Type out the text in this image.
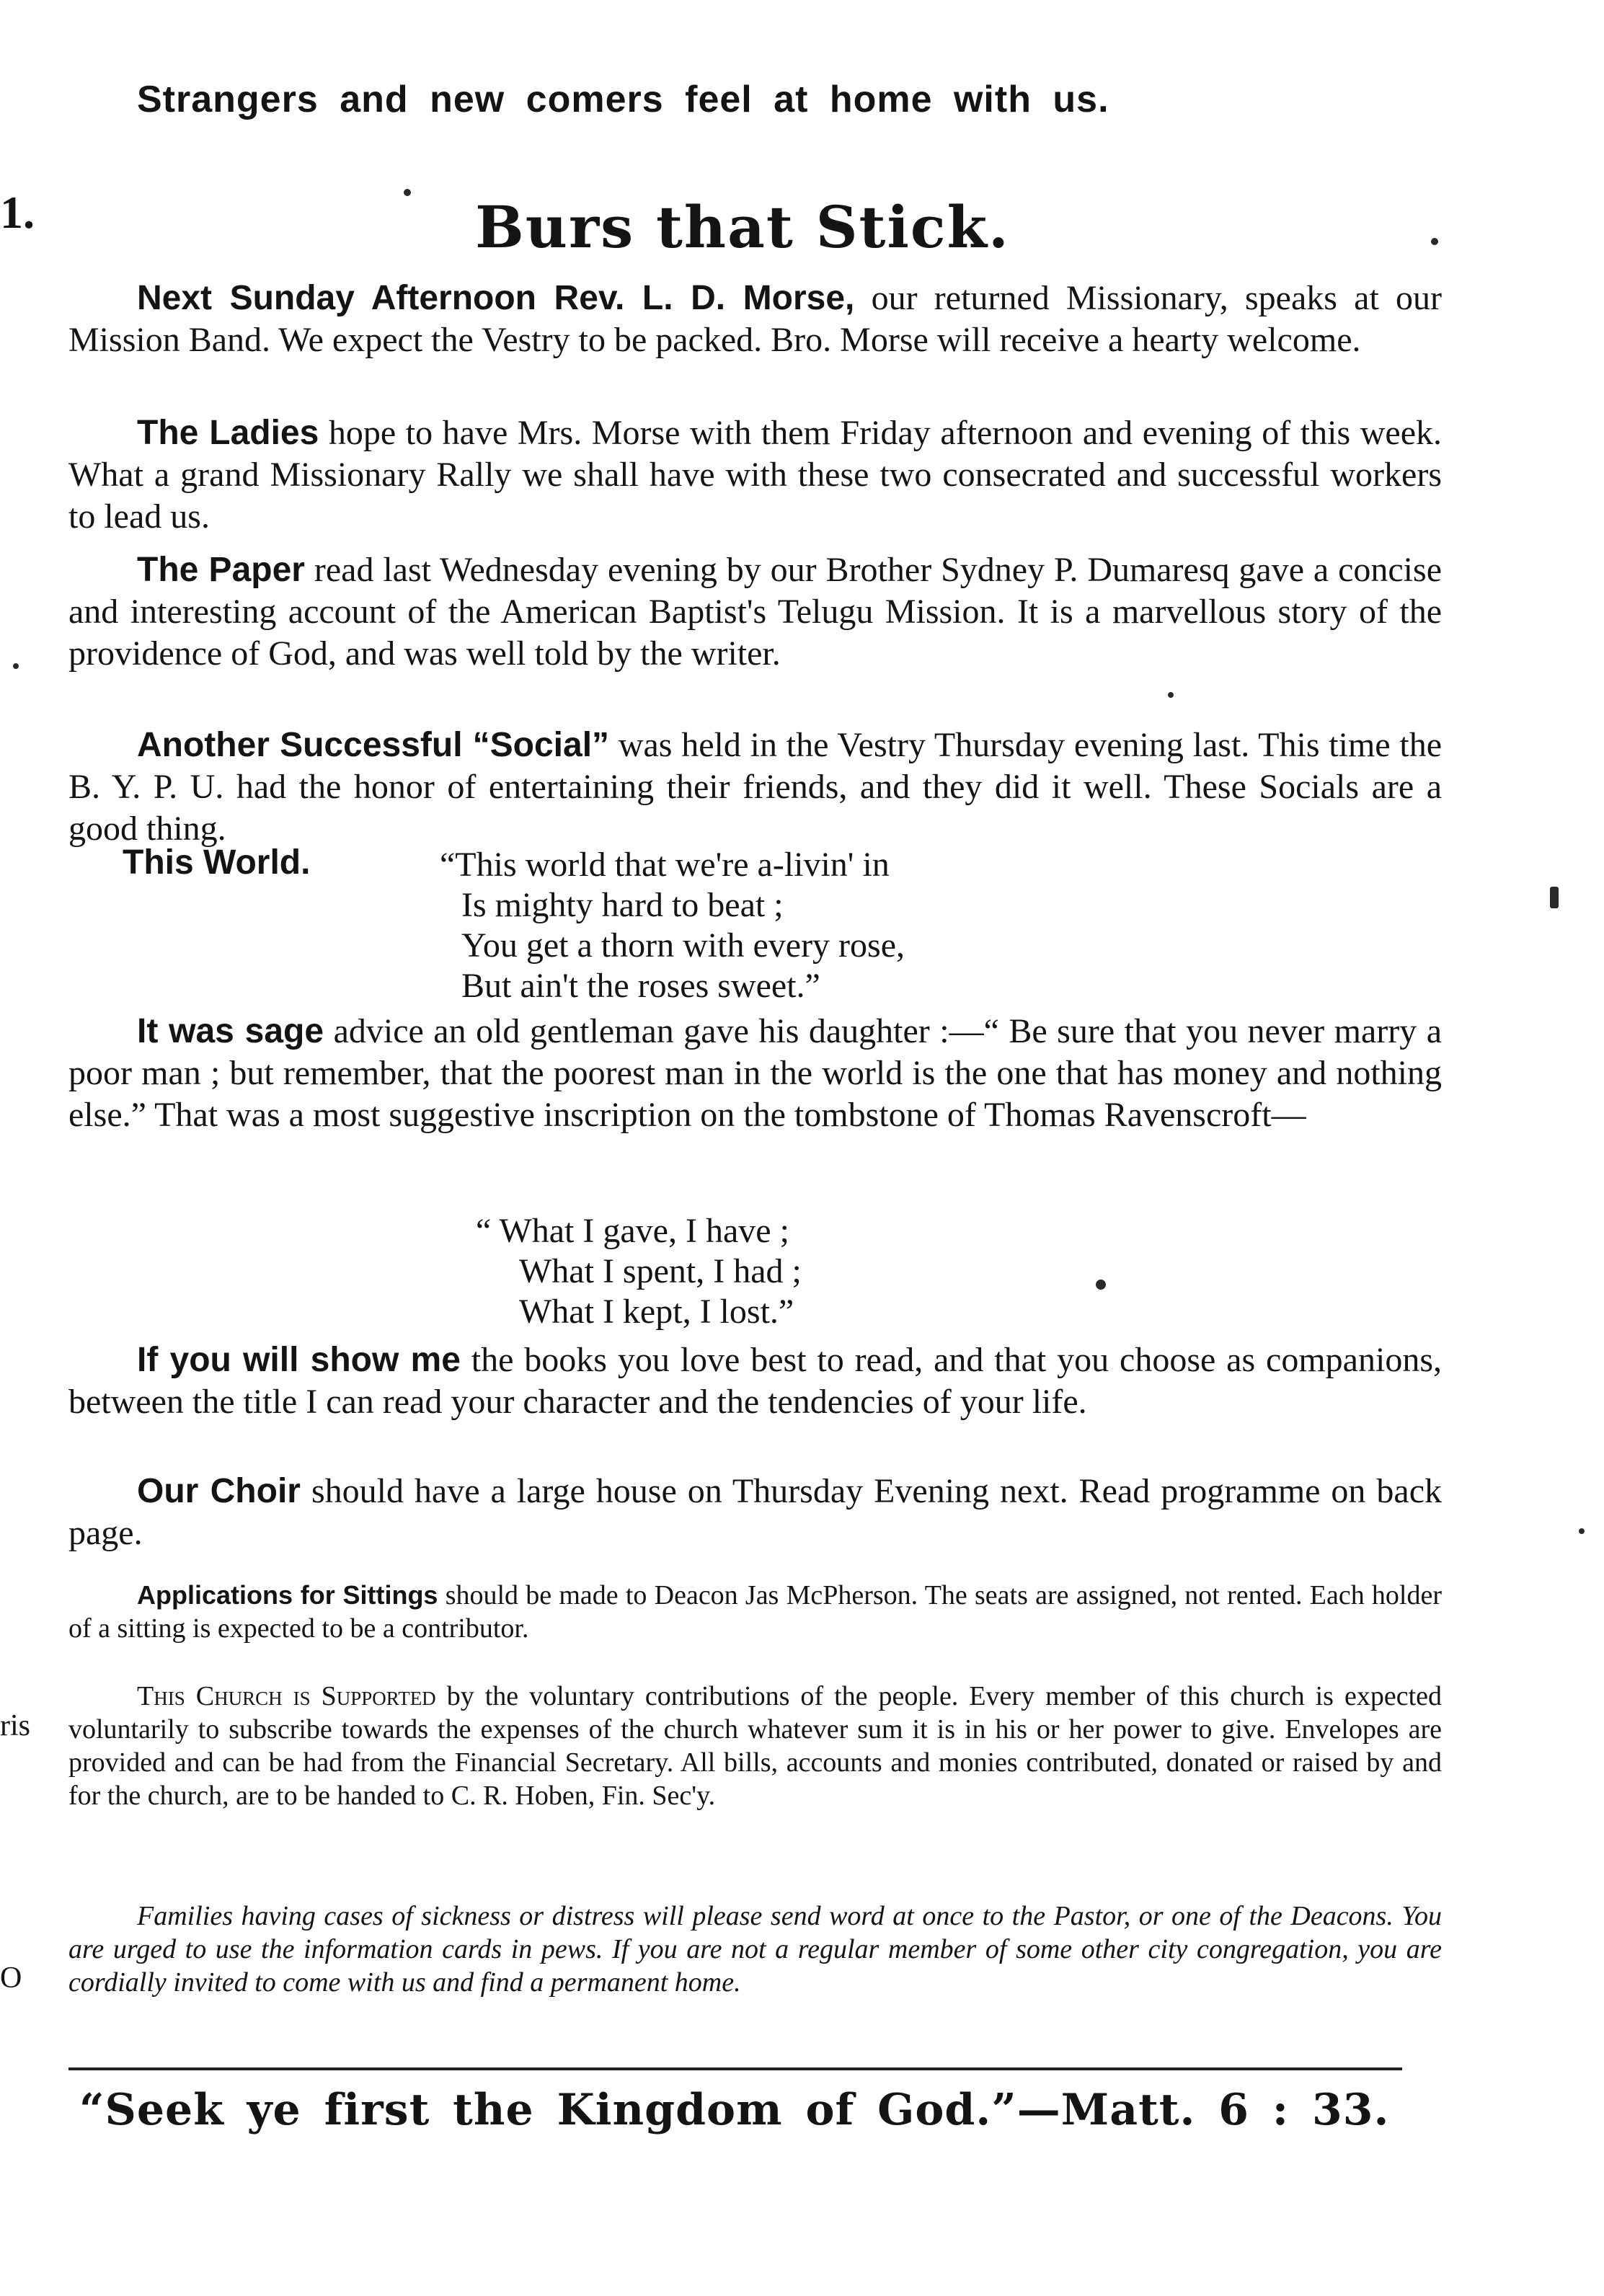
1.
ris
O
Strangers and new comers feel at home with us.
Burs that Stick.
Next Sunday Afternoon Rev. L. D. Morse, our returned Missionary, speaks at our Mission Band. We expect the Vestry to be packed. Bro. Morse will receive a hearty welcome.
The Ladies hope to have Mrs. Morse with them Friday afternoon and evening of this week. What a grand Missionary Rally we shall have with these two consecrated and successful workers to lead us.
The Paper read last Wednesday evening by our Brother Sydney P. Dumaresq gave a concise and interesting account of the American Baptist's Telugu Mission. It is a marvellous story of the providence of God, and was well told by the writer.
Another Successful “Social” was held in the Vestry Thursday evening last. This time the B. Y. P. U. had the honor of entertaining their friends, and they did it well. These Socials are a good thing.
This World.	“This world that we're a-livin' in
Is mighty hard to beat ;
You get a thorn with every rose,
But ain't the roses sweet.”
It was sage advice an old gentleman gave his daughter :—“ Be sure that you never marry a poor man ; but remember, that the poorest man in the world is the one that has money and nothing else.” That was a most suggestive inscription on the tombstone of Thomas Ravenscroft—
“ What I gave, I have ;
What I spent, I had ;
What I kept, I lost.”
If you will show me the books you love best to read, and that you choose as companions, between the title I can read your character and the tendencies of your life.
Our Choir should have a large house on Thursday Evening next. Read programme on back page.
Applications for Sittings should be made to Deacon Jas McPherson. The seats are assigned, not rented. Each holder of a sitting is expected to be a contributor.
This Church is Supported by the voluntary contributions of the people. Every member of this church is expected voluntarily to subscribe towards the expenses of the church whatever sum it is in his or her power to give. Envelopes are provided and can be had from the Financial Secretary. All bills, accounts and monies contributed, donated or raised by and for the church, are to be handed to C. R. Hoben, Fin. Sec'y.
Families having cases of sickness or distress will please send word at once to the Pastor, or one of the Deacons. You are urged to use the information cards in pews. If you are not a regular member of some other city congregation, you are cordially invited to come with us and find a permanent home.
“Seek ye first the Kingdom of God.”—Matt. 6 : 33.
